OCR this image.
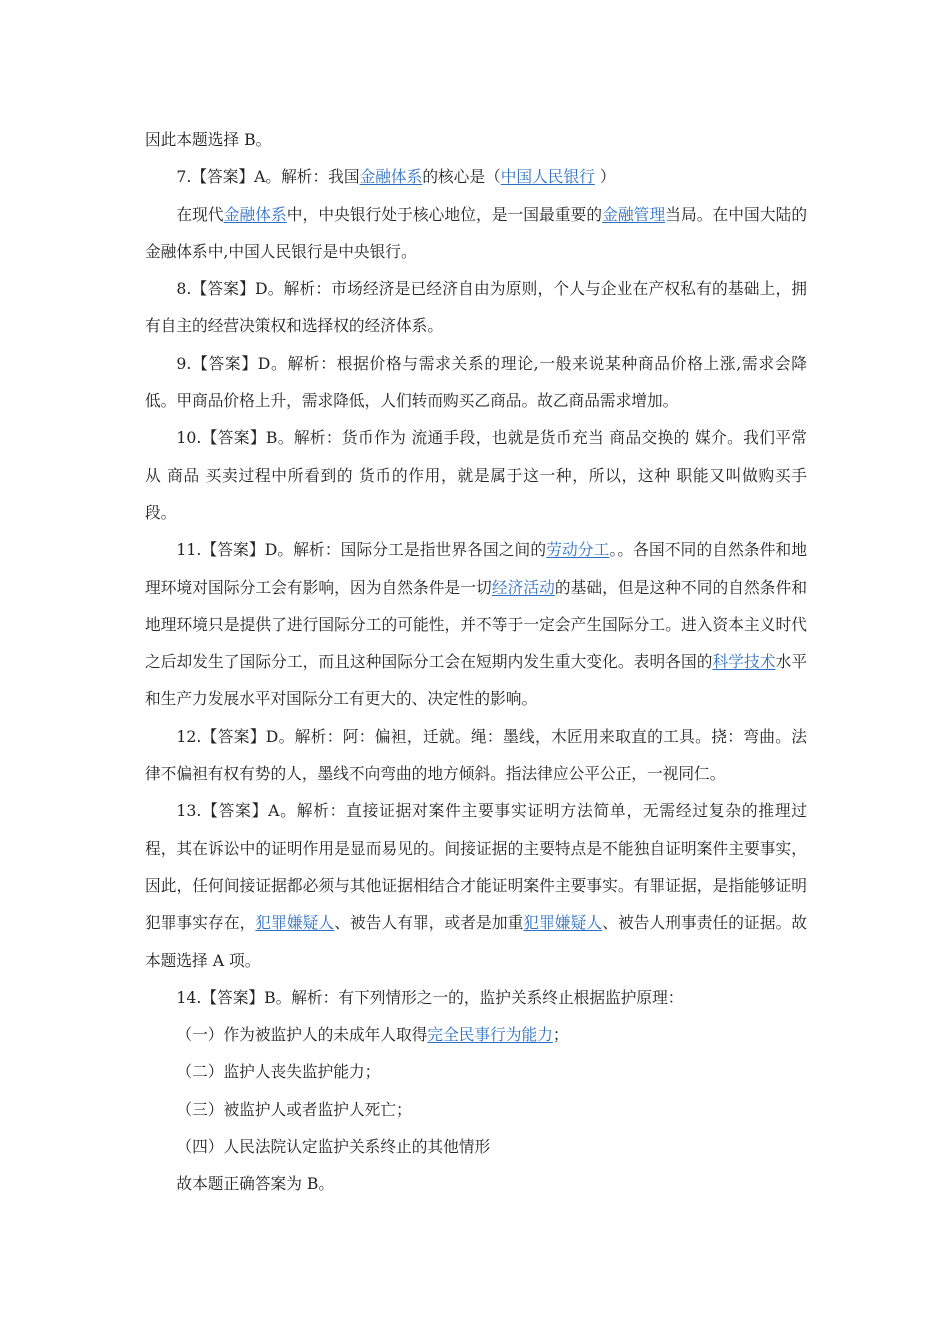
因此本题选择 B。

7.【答案】A。解析：我国金融体系的核心是（中国人民银行 ）

在现代金融体系中，中央银行处于核心地位，是一国最重要的金融管理当局。在中国大陆的金融体系中,中国人民银行是中央银行。

8.【答案】D。解析：市场经济是已经济自由为原则，个人与企业在产权私有的基础上，拥有自主的经营决策权和选择权的经济体系。

9.【答案】D。解析：根据价格与需求关系的理论,一般来说某种商品价格上涨,需求会降低。甲商品价格上升，需求降低，人们转而购买乙商品。故乙商品需求增加。

10.【答案】B。解析：货币作为 流通手段，也就是货币充当 商品交换的 媒介。我们平常从 商品 买卖过程中所看到的 货币的作用，就是属于这一种，所以，这种 职能又叫做购买手段。

11.【答案】D。解析：国际分工是指世界各国之间的劳动分工。。各国不同的自然条件和地理环境对国际分工会有影响，因为自然条件是一切经济活动的基础，但是这种不同的自然条件和地理环境只是提供了进行国际分工的可能性，并不等于一定会产生国际分工。进入资本主义时代之后却发生了国际分工，而且这种国际分工会在短期内发生重大变化。表明各国的科学技术水平和生产力发展水平对国际分工有更大的、决定性的影响。

12.【答案】D。解析：阿：偏袒，迁就。绳：墨线，木匠用来取直的工具。挠：弯曲。法律不偏袒有权有势的人，墨线不向弯曲的地方倾斜。指法律应公平公正，一视同仁。

13.【答案】A。解析：直接证据对案件主要事实证明方法简单，无需经过复杂的推理过程，其在诉讼中的证明作用是显而易见的。间接证据的主要特点是不能独自证明案件主要事实，因此，任何间接证据都必须与其他证据相结合才能证明案件主要事实。有罪证据，是指能够证明犯罪事实存在，犯罪嫌疑人、被告人有罪，或者是加重犯罪嫌疑人、被告人刑事责任的证据。故本题选择 A 项。

14.【答案】B。解析：有下列情形之一的，监护关系终止根据监护原理：

（一）作为被监护人的未成年人取得完全民事行为能力；

（二）监护人丧失监护能力；

（三）被监护人或者监护人死亡；

（四）人民法院认定监护关系终止的其他情形

故本题正确答案为 B。
